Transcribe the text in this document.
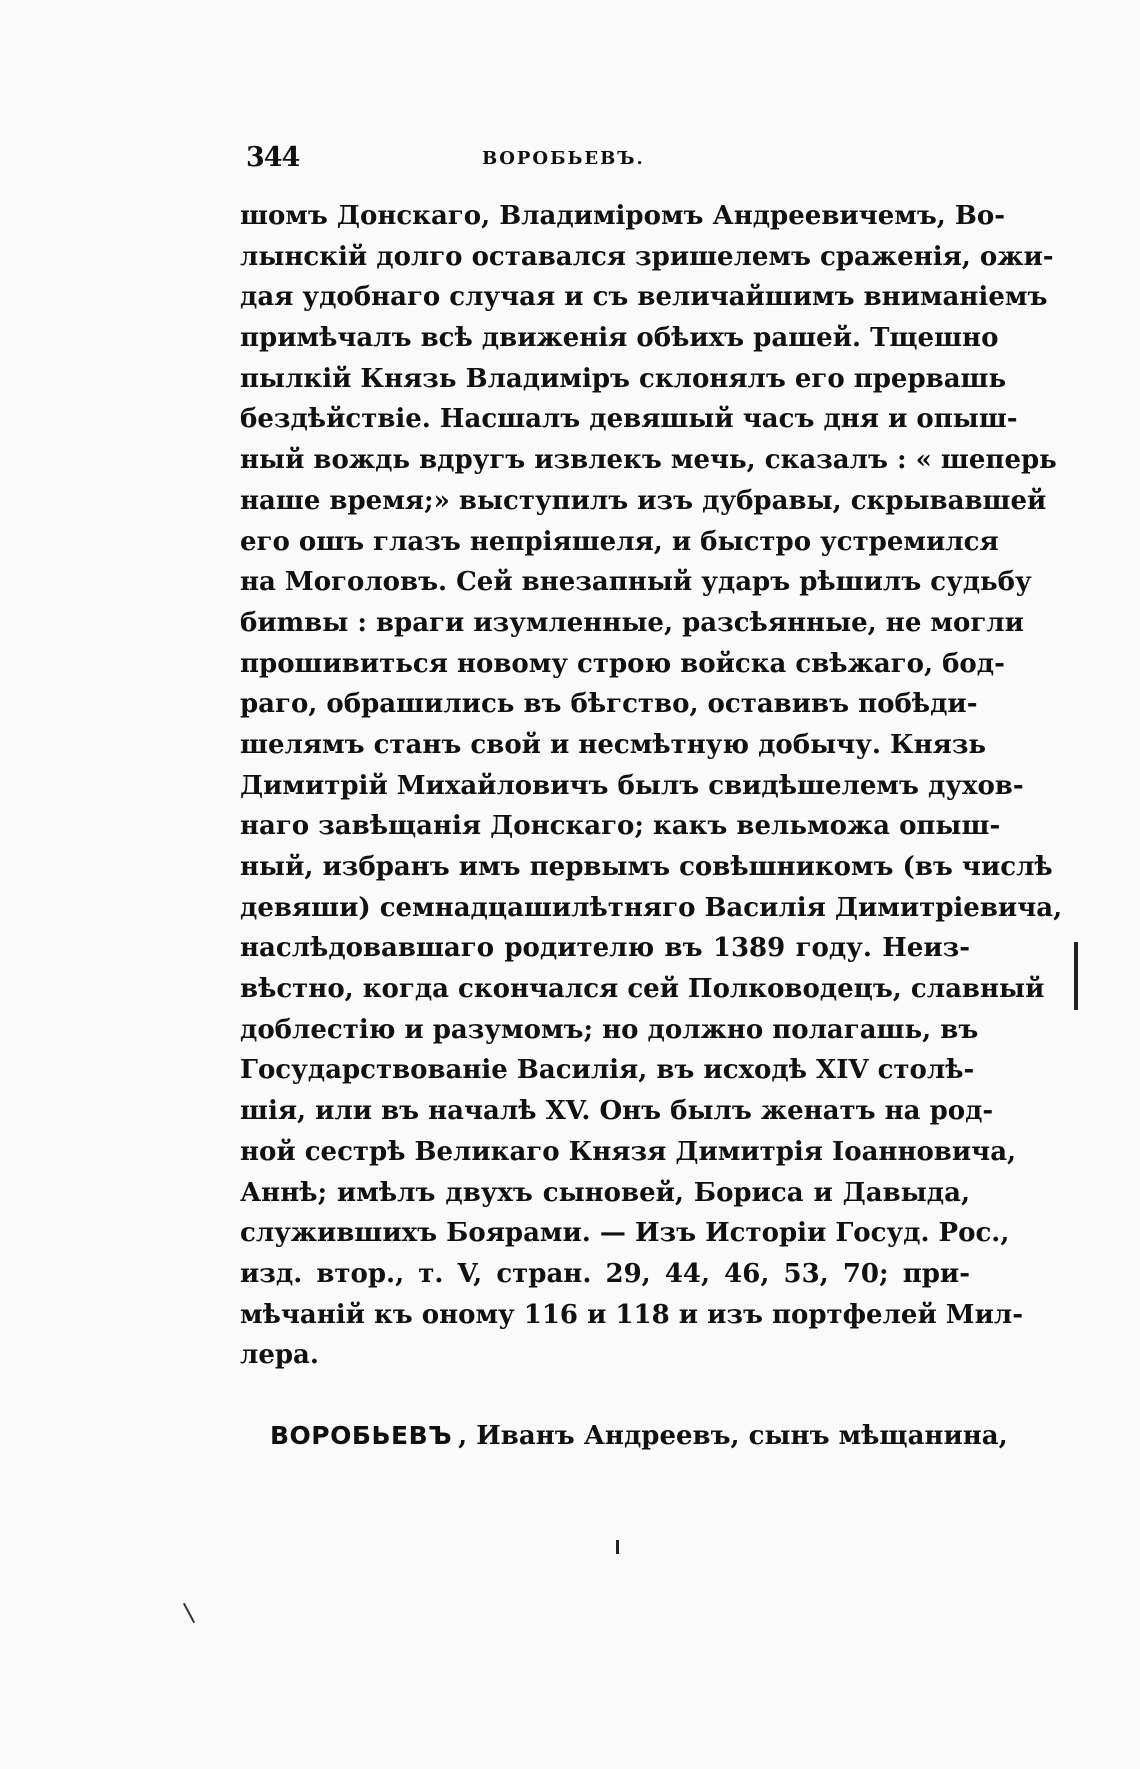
344	ВОРОБЬЕВЪ.
шомъ Донскаго, Владиміромъ Андреевичемъ, Во-
лынскій долго оставался зришелемъ сраженія, ожи-
дая удобнаго случая и съ величайшимъ вниманіемъ
примѣчалъ всѣ движенія обѣихъ рашей. Тщешно
пылкій Князь Владиміръ склонялъ его прервашь
бездѣйствіе. Насшалъ девяшый часъ дня и опыш-
ный вождь вдругъ извлекъ мечь, сказалъ : « шеперь
наше время;» выступилъ изъ дубравы, скрывавшей
его ошъ глазъ непріяшеля, и быстро устремился
на Моголовъ. Сей внезапный ударъ рѣшилъ судьбу
биmвы : враги изумленные, разсѣянные, не могли
прошивиться новому строю войска свѣжаго, бод-
раго, обрашились въ бѣгство, оставивъ побѣди-
шелямъ станъ свой и несмѣтную добычу. Князь
Димитрій Михайловичъ былъ свидѣшелемъ духов-
наго завѣщанія Донскаго; какъ вельможа опыш-
ный, избранъ имъ первымъ совѣшникомъ (въ числѣ
девяши) семнадцашилѣтняго Василія Димитріевича,
наслѣдовавшаго родителю въ 1389 году. Неиз-
вѣстно, когда скончался сей Полководецъ, славный
доблестію и разумомъ; но должно полагашь, въ
Государствованіе Василія, въ исходѣ XIV столѣ-
шія, или въ началѣ XV. Онъ былъ женатъ на род-
ной сестрѣ Великаго Князя Димитрія Іоанновича,
Аннѣ; имѣлъ двухъ сыновей, Бориса и Давыда,
служившихъ Боярами. — Изъ Исторіи Госуд. Рос.,
изд. втор., т. V, стран. 29, 44, 46, 53, 70; при-
мѣчаній къ оному 116 и 118 и изъ портфелей Мил-
лера.
ВОРОБЬЕВЪ , Иванъ Андреевъ, сынъ мѣщанина,
